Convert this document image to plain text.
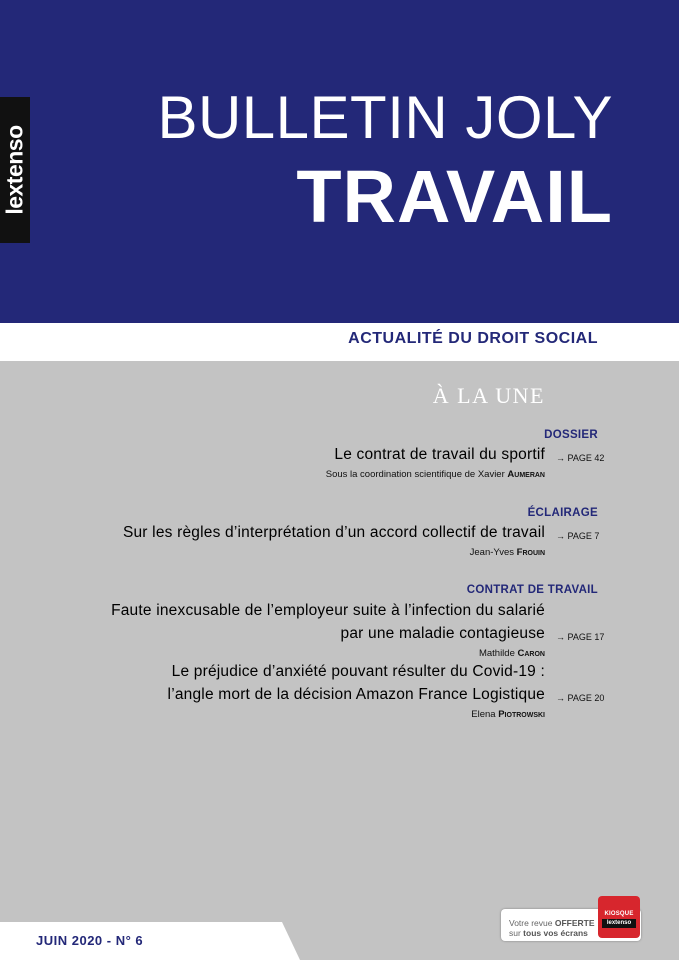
lextenso
BULLETIN JOLY
TRAVAIL
ACTUALITÉ DU DROIT SOCIAL
À LA UNE
DOSSIER
Le contrat de travail du sportif → PAGE 42
Sous la coordination scientifique de Xavier Aumeran
ÉCLAIRAGE
Sur les règles d’interprétation d’un accord collectif de travail → PAGE 7
Jean-Yves Frouin
CONTRAT DE TRAVAIL
Faute inexcusable de l’employeur suite à l’infection du salarié
par une maladie contagieuse → PAGE 17
Mathilde Caron
Le préjudice d’anxiété pouvant résulter du Covid-19 :
l’angle mort de la décision Amazon France Logistique → PAGE 20
Elena Piotrowski
JUIN 2020 - N° 6
Votre revue OFFERTE
sur tous vos écrans
KIOSQUE
lextenso
